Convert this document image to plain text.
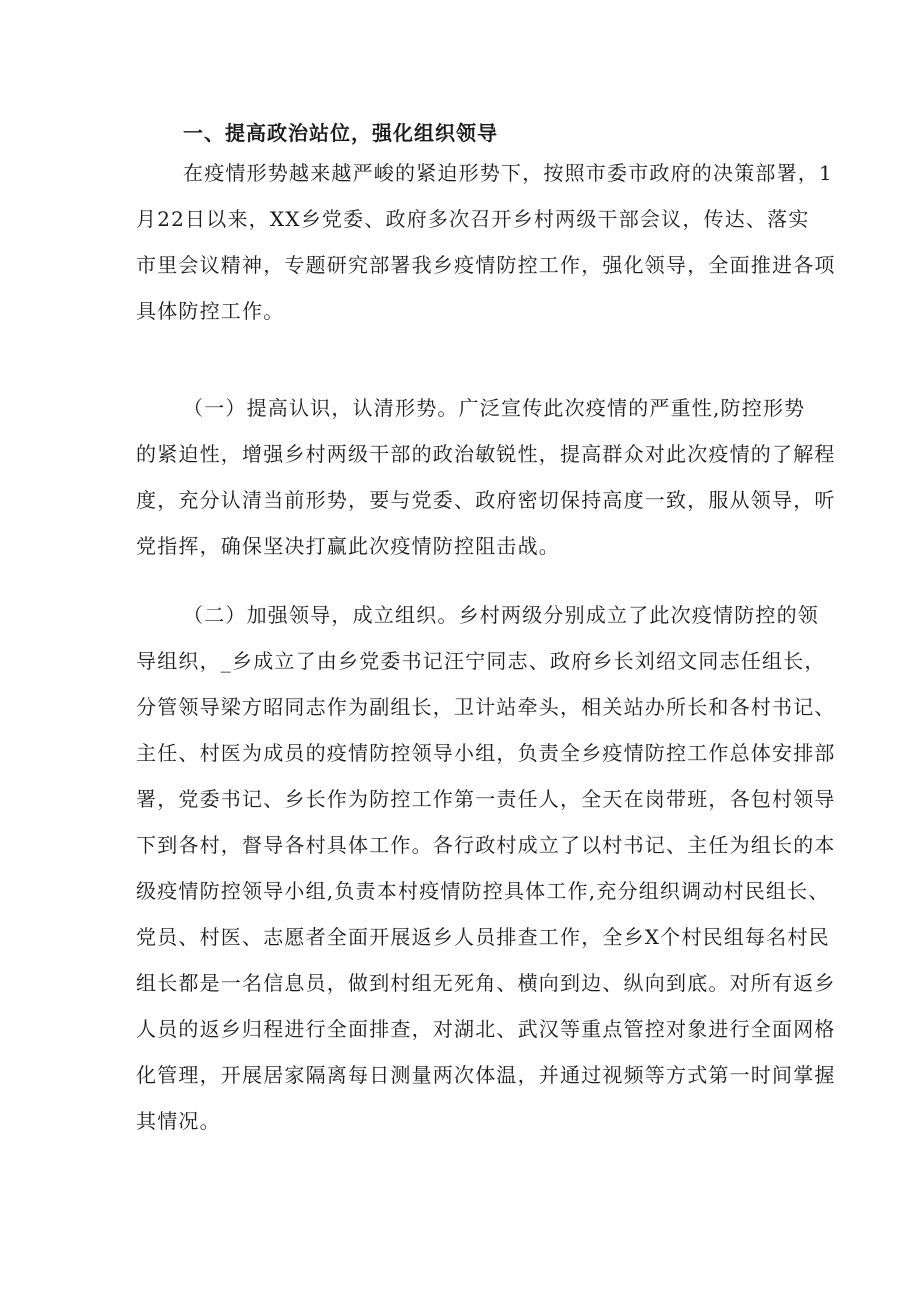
一、提高政治站位，强化组织领导
在疫情形势越来越严峻的紧迫形势下，按照市委市政府的决策部署，1
月22日以来，XX乡党委、政府多次召开乡村两级干部会议，传达、落实
市里会议精神，专题研究部署我乡疫情防控工作，强化领导，全面推进各项
具体防控工作。
（一）提高认识，认清形势。广泛宣传此次疫情的严重性,防控形势
的紧迫性，增强乡村两级干部的政治敏锐性，提高群众对此次疫情的了解程
度，充分认清当前形势，要与党委、政府密切保持高度一致，服从领导，听
党指挥，确保坚决打赢此次疫情防控阻击战。
（二）加强领导，成立组织。乡村两级分别成立了此次疫情防控的领
导组织，_乡成立了由乡党委书记汪宁同志、政府乡长刘绍文同志任组长，
分管领导梁方昭同志作为副组长，卫计站牵头，相关站办所长和各村书记、
主任、村医为成员的疫情防控领导小组，负责全乡疫情防控工作总体安排部
署，党委书记、乡长作为防控工作第一责任人，全天在岗带班，各包村领导
下到各村，督导各村具体工作。各行政村成立了以村书记、主任为组长的本
级疫情防控领导小组,负责本村疫情防控具体工作,充分组织调动村民组长、
党员、村医、志愿者全面开展返乡人员排查工作，全乡X个村民组每名村民
组长都是一名信息员，做到村组无死角、横向到边、纵向到底。对所有返乡
人员的返乡归程进行全面排查，对湖北、武汉等重点管控对象进行全面网格
化管理，开展居家隔离每日测量两次体温，并通过视频等方式第一时间掌握
其情况。
